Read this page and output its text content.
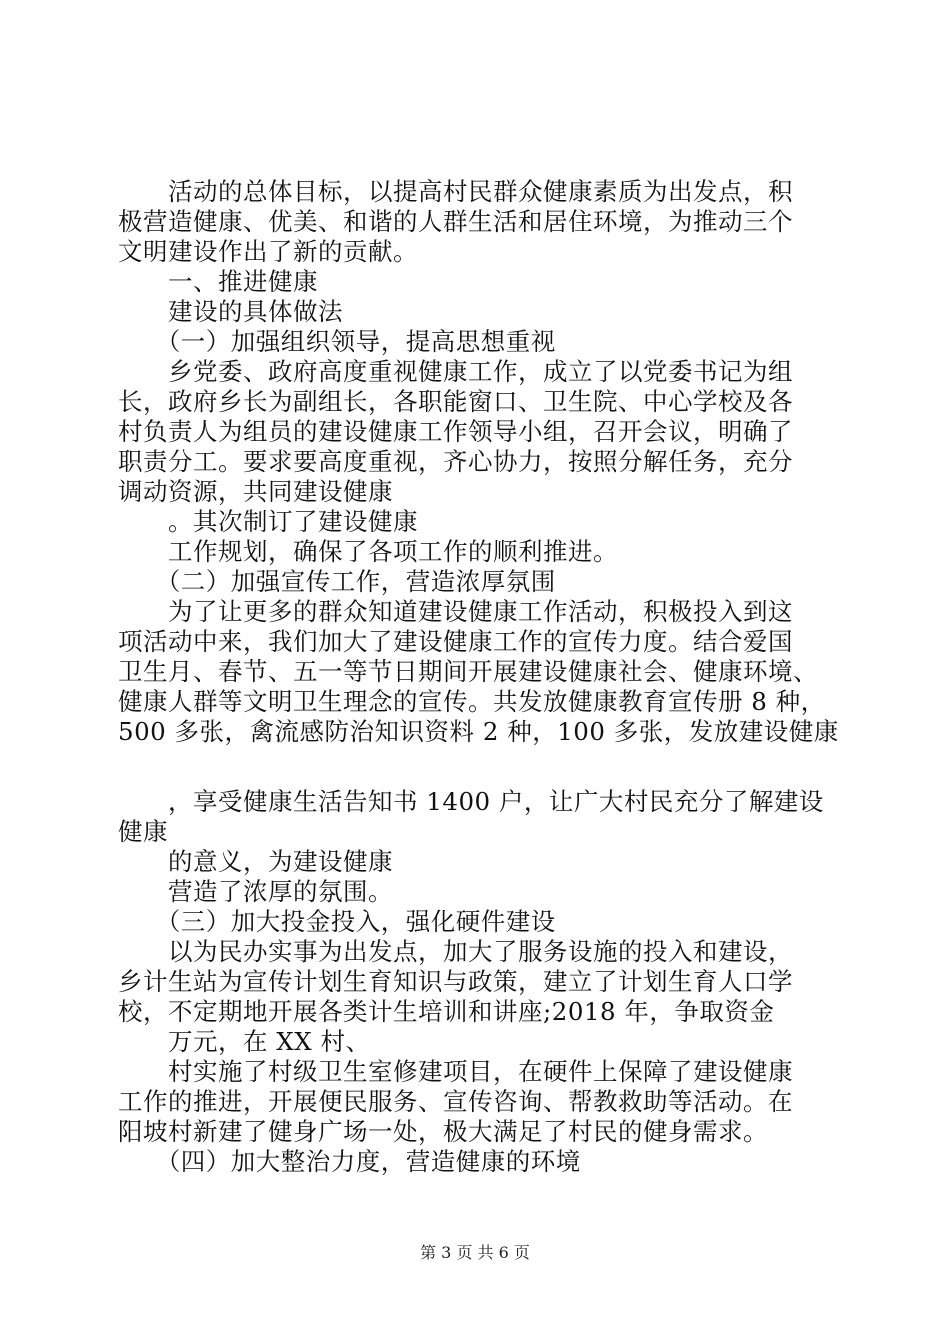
　　活动的总体目标，以提高村民群众健康素质为出发点，积
极营造健康、优美、和谐的人群生活和居住环境，为推动三个
文明建设作出了新的贡献。
　　一、推进健康
　　建设的具体做法
　　（一）加强组织领导，提高思想重视
　　乡党委、政府高度重视健康工作，成立了以党委书记为组
长，政府乡长为副组长，各职能窗口、卫生院、中心学校及各
村负责人为组员的建设健康工作领导小组，召开会议，明确了
职责分工。要求要高度重视，齐心协力，按照分解任务，充分
调动资源，共同建设健康
　　。其次制订了建设健康
　　工作规划，确保了各项工作的顺利推进。
　　（二）加强宣传工作，营造浓厚氛围
　　为了让更多的群众知道建设健康工作活动，积极投入到这
项活动中来，我们加大了建设健康工作的宣传力度。结合爱国
卫生月、春节、五一等节日期间开展建设健康社会、健康环境、
健康人群等文明卫生理念的宣传。共发放健康教育宣传册 8 种，
500 多张，禽流感防治知识资料 2 种，100 多张，发放建设健康
　　，享受健康生活告知书 1400 户，让广大村民充分了解建设
健康
　　的意义，为建设健康
　　营造了浓厚的氛围。
　　（三）加大投金投入，强化硬件建设
　　以为民办实事为出发点，加大了服务设施的投入和建设，
乡计生站为宣传计划生育知识与政策，建立了计划生育人口学
校，不定期地开展各类计生培训和讲座;2018 年，争取资金
　　万元，在 XX 村、
　　村实施了村级卫生室修建项目，在硬件上保障了建设健康
工作的推进，开展便民服务、宣传咨询、帮教救助等活动。在
阳坡村新建了健身广场一处，极大满足了村民的健身需求。
　　（四）加大整治力度，营造健康的环境
第 3 页 共 6 页
